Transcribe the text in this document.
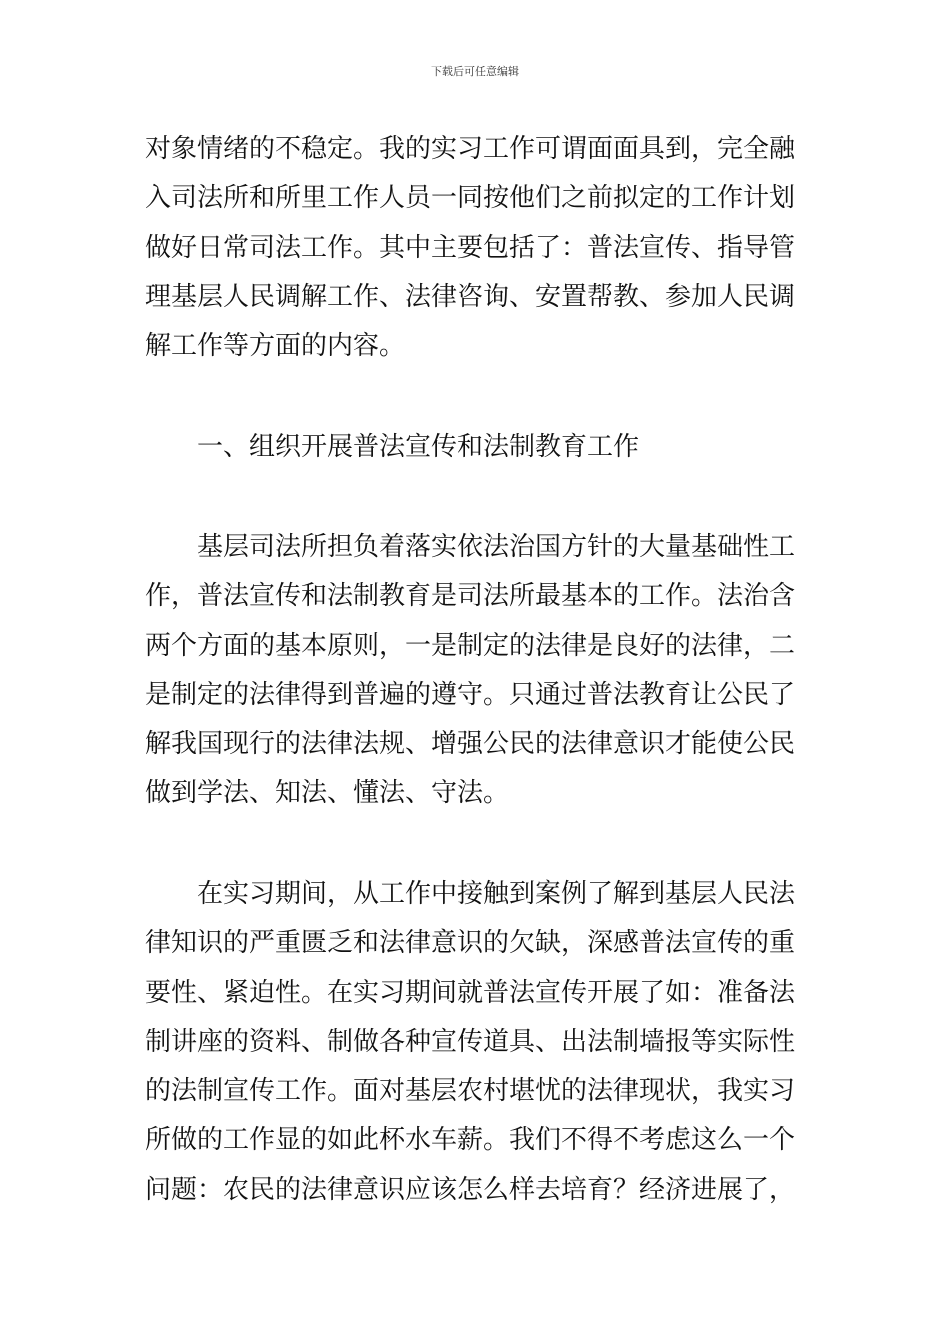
下载后可任意编辑
对象情绪的不稳定。我的实习工作可谓面面具到，完全融
入司法所和所里工作人员一同按他们之前拟定的工作计划
做好日常司法工作。其中主要包括了：普法宣传、指导管
理基层人民调解工作、法律咨询、安置帮教、参加人民调
解工作等方面的内容。
一、组织开展普法宣传和法制教育工作
基层司法所担负着落实依法治国方针的大量基础性工
作，普法宣传和法制教育是司法所最基本的工作。法治含
两个方面的基本原则，一是制定的法律是良好的法律，二
是制定的法律得到普遍的遵守。只通过普法教育让公民了
解我国现行的法律法规、增强公民的法律意识才能使公民
做到学法、知法、懂法、守法。
在实习期间，从工作中接触到案例了解到基层人民法
律知识的严重匮乏和法律意识的欠缺，深感普法宣传的重
要性、紧迫性。在实习期间就普法宣传开展了如：准备法
制讲座的资料、制做各种宣传道具、出法制墙报等实际性
的法制宣传工作。面对基层农村堪忧的法律现状，我实习
所做的工作显的如此杯水车薪。我们不得不考虑这么一个
问题：农民的法律意识应该怎么样去培育？经济进展了，
